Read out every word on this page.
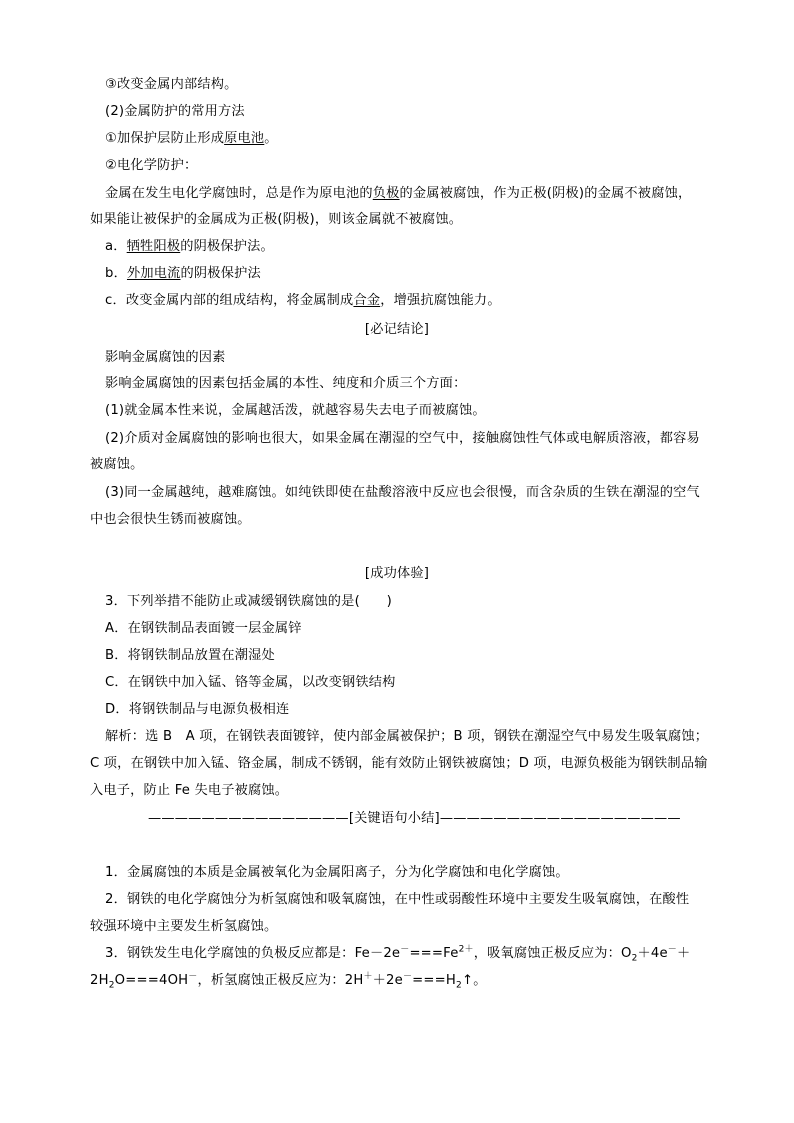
③改变金属内部结构。
(2)金属防护的常用方法
①加保护层防止形成原电池。
②电化学防护：
金属在发生电化学腐蚀时，总是作为原电池的负极的金属被腐蚀，作为正极(阴极)的金属不被腐蚀，
如果能让被保护的金属成为正极(阴极)，则该金属就不被腐蚀。
a．牺牲阳极的阴极保护法。
b．外加电流的阴极保护法
c．改变金属内部的组成结构，将金属制成合金，增强抗腐蚀能力。
[必记结论]
影响金属腐蚀的因素
影响金属腐蚀的因素包括金属的本性、纯度和介质三个方面：
(1)就金属本性来说，金属越活泼，就越容易失去电子而被腐蚀。
(2)介质对金属腐蚀的影响也很大，如果金属在潮湿的空气中，接触腐蚀性气体或电解质溶液，都容易
被腐蚀。
(3)同一金属越纯，越难腐蚀。如纯铁即使在盐酸溶液中反应也会很慢，而含杂质的生铁在潮湿的空气
中也会很快生锈而被腐蚀。
[成功体验]
3．下列举措不能防止或减缓钢铁腐蚀的是(　　)
A．在钢铁制品表面镀一层金属锌
B．将钢铁制品放置在潮湿处
C．在钢铁中加入锰、铬等金属，以改变钢铁结构
D．将钢铁制品与电源负极相连
解析：选 B　A 项，在钢铁表面镀锌，使内部金属被保护；B 项，钢铁在潮湿空气中易发生吸氧腐蚀；
C 项，在钢铁中加入锰、铬金属，制成不锈钢，能有效防止钢铁被腐蚀；D 项，电源负极能为钢铁制品输
入电子，防止 Fe 失电子被腐蚀。
———————————————[关键语句小结]——————————————————
1．金属腐蚀的本质是金属被氧化为金属阳离子，分为化学腐蚀和电化学腐蚀。
2．钢铁的电化学腐蚀分为析氢腐蚀和吸氧腐蚀，在中性或弱酸性环境中主要发生吸氧腐蚀，在酸性
较强环境中主要发生析氢腐蚀。
3．钢铁发生电化学腐蚀的负极反应都是：$Fe-2e^-===Fe^{2+}$，吸氧腐蚀正极反应为：$O_2+4e^-+$
$2H_2O===4OH^-$，析氢腐蚀正极反应为：$2H^++2e^-===H_2↑$。
